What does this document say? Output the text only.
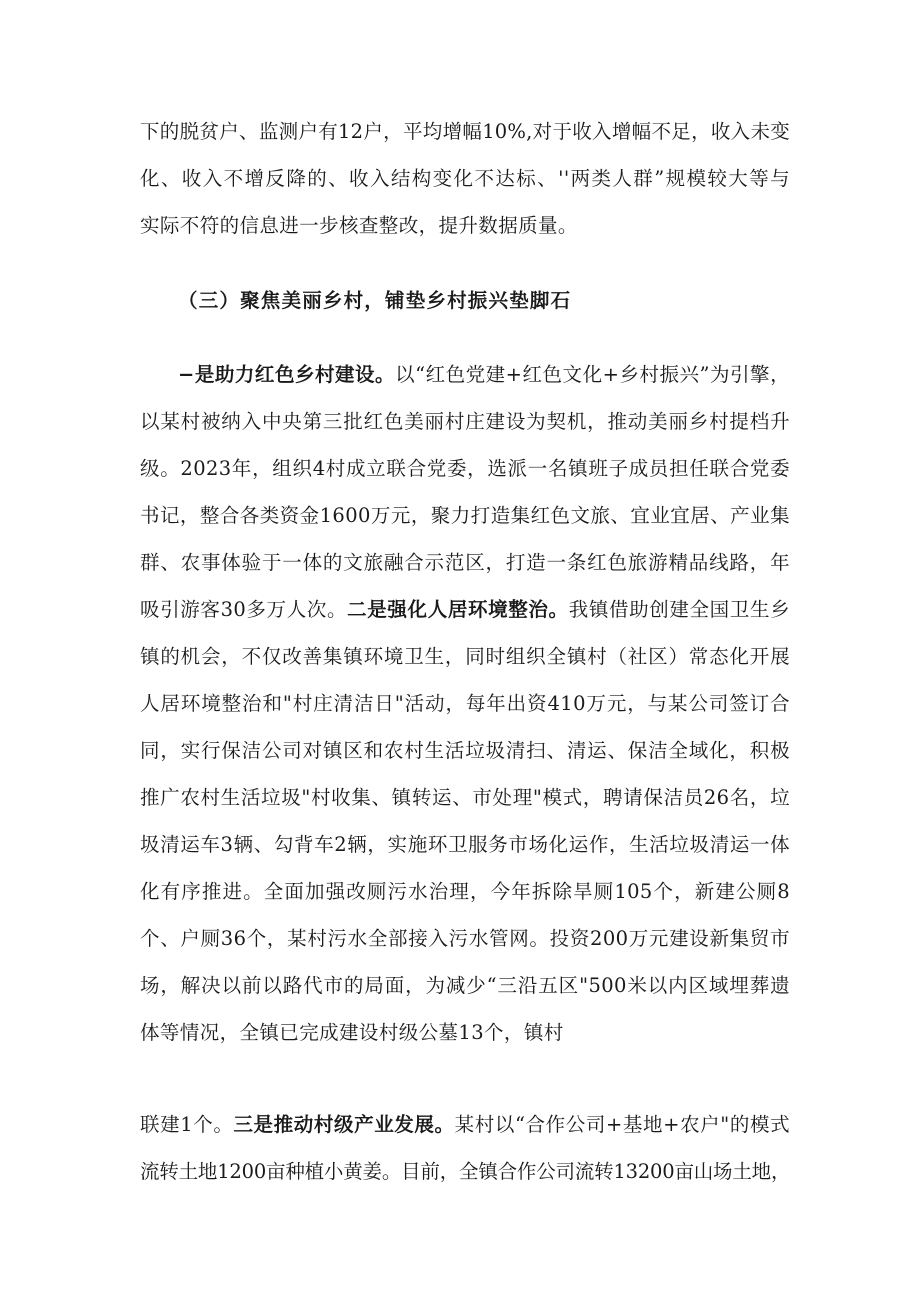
下的脱贫户、监测户有12户，平均增幅10%,对于收入增幅不足，收入未变
化、收入不增反降的、收入结构变化不达标、''两类人群”规模较大等与
实际不符的信息进一步核查整改，提升数据质量。
（三）聚焦美丽乡村，铺垫乡村振兴垫脚石
−是助力红色乡村建设。以“红色党建+红色文化+乡村振兴”为引擎，
以某村被纳入中央第三批红色美丽村庄建设为契机，推动美丽乡村提档升
级。2023年，组织4村成立联合党委，选派一名镇班子成员担任联合党委
书记，整合各类资金1600万元，聚力打造集红色文旅、宜业宜居、产业集
群、农事体验于一体的文旅融合示范区，打造一条红色旅游精品线路，年
吸引游客30多万人次。二是强化人居环境整治。我镇借助创建全国卫生乡
镇的机会，不仅改善集镇环境卫生，同时组织全镇村（社区）常态化开展
人居环境整治和"村庄清洁日"活动，每年出资410万元，与某公司签订合
同，实行保洁公司对镇区和农村生活垃圾清扫、清运、保洁全域化，积极
推广农村生活垃圾"村收集、镇转运、市处理"模式，聘请保洁员26名，垃
圾清运车3辆、勾背车2辆，实施环卫服务市场化运作，生活垃圾清运一体
化有序推进。全面加强改厕污水治理，今年拆除旱厕105个，新建公厕8
个、户厕36个，某村污水全部接入污水管网。投资200万元建设新集贸市
场，解决以前以路代市的局面，为减少“三沿五区"500米以内区域埋葬遗
体等情况，全镇已完成建设村级公墓13个，镇村
联建1个。三是推动村级产业发展。某村以“合作公司+基地+农户"的模式
流转土地1200亩种植小黄姜。目前，全镇合作公司流转13200亩山场土地，
